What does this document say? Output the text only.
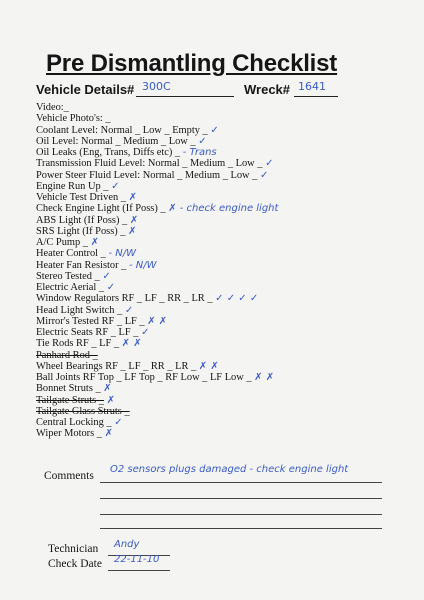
Pre Dismantling Checklist
Vehicle Details# 300C	Wreck# 1641
Video:_
Vehicle Photo's: _
Coolant Level: Normal _ Low _ Empty _ ✓
Oil Level: Normal _ Medium _ Low _ ✓
Oil Leaks (Eng, Trans, Diffs etc) _ - Trans
Transmission Fluid Level: Normal _ Medium _ Low _ ✓
Power Steer Fluid Level: Normal _ Medium _ Low _ ✓
Engine Run Up _ ✓
Vehicle Test Driven _ ✗
Check Engine Light (If Poss) _ ✗ - check engine light
ABS Light (If Poss) _ ✗
SRS Light (If Poss) _ ✗
A/C Pump _ ✗
Heater Control _ - N/W
Heater Fan Resistor _ - N/W
Stereo Tested _ ✓
Electric Aerial _ ✓
Window Regulators RF _ LF _ RR _ LR _ ✓ ✓ ✓ ✓
Head Light Switch _ ✓
Mirror's Tested RF _ LF _ ✗ ✗
Electric Seats RF _ LF _ ✓
Tie Rods RF _ LF _ ✗ ✗
Panhard Rod _
Wheel Bearings RF _ LF _ RR _ LR _ ✗ ✗
Ball Joints RF Top _ LF Top _ RF Low _ LF Low _ ✗ ✗
Bonnet Struts _ ✗
Tailgate Struts _ ✗
Tailgate Glass Struts _
Central Locking _ ✓
Wiper Motors _ ✗
Comments
O2 sensors plugs damaged - check engine light
Technician Andy
Check Date 22-11-10
